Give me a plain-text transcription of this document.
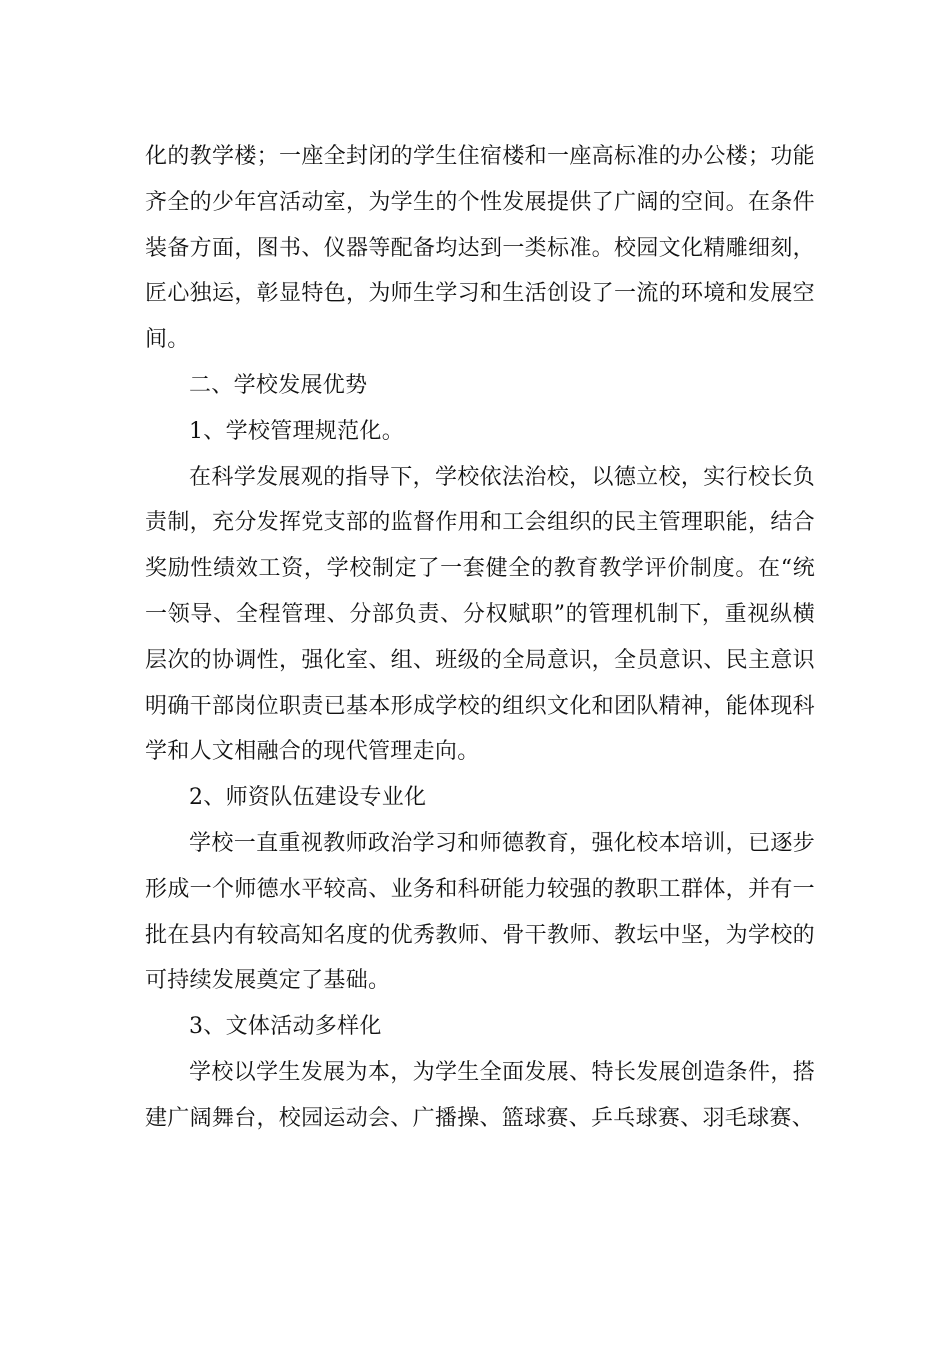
化的教学楼；一座全封闭的学生住宿楼和一座高标准的办公楼；功能齐全的少年宫活动室，为学生的个性发展提供了广阔的空间。在条件装备方面，图书、仪器等配备均达到一类标准。校园文化精雕细刻，匠心独运，彰显特色，为师生学习和生活创设了一流的环境和发展空间。

二、学校发展优势

1、学校管理规范化。

在科学发展观的指导下，学校依法治校，以德立校，实行校长负责制，充分发挥党支部的监督作用和工会组织的民主管理职能，结合奖励性绩效工资，学校制定了一套健全的教育教学评价制度。在“统一领导、全程管理、分部负责、分权赋职”的管理机制下，重视纵横层次的协调性，强化室、组、班级的全局意识，全员意识、民主意识明确干部岗位职责已基本形成学校的组织文化和团队精神，能体现科学和人文相融合的现代管理走向。

2、师资队伍建设专业化

学校一直重视教师政治学习和师德教育，强化校本培训，已逐步形成一个师德水平较高、业务和科研能力较强的教职工群体，并有一批在县内有较高知名度的优秀教师、骨干教师、教坛中坚，为学校的可持续发展奠定了基础。

3、文体活动多样化

学校以学生发展为本，为学生全面发展、特长发展创造条件，搭建广阔舞台，校园运动会、广播操、篮球赛、乒乓球赛、羽毛球赛、
